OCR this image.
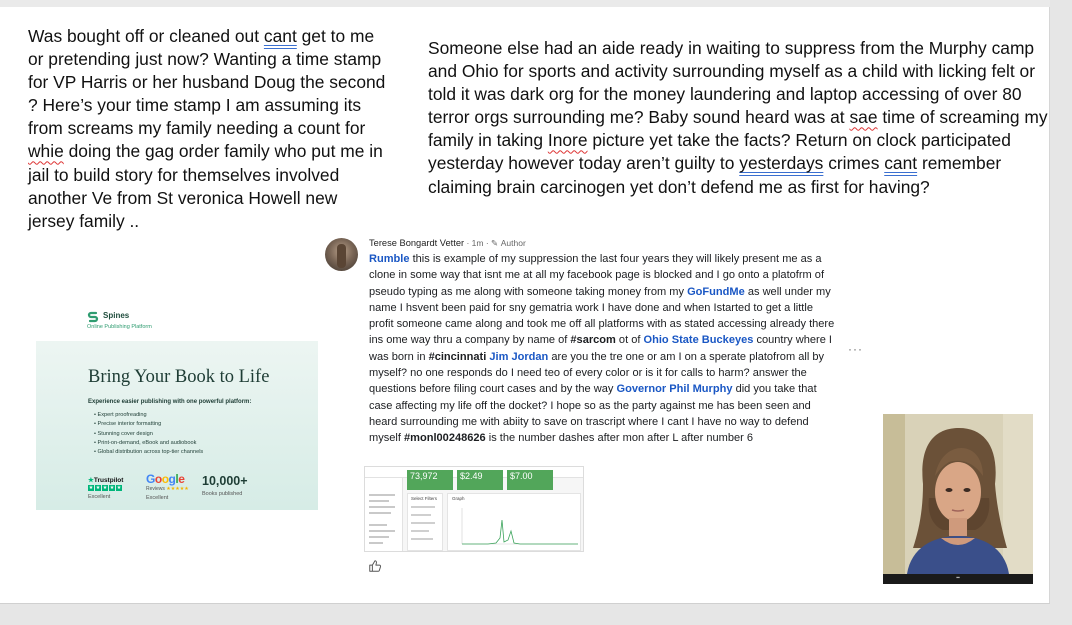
Was bought off or cleaned out cant get to me or pretending just now? Wanting a time stamp for VP Harris or her husband Doug the second ? Here’s your time stamp I am assuming its from screams my family needing a count for whie doing the gag order family who put me in jail to build story for themselves involved another Ve from St veronica Howell new jersey family ..

Someone else had an aide ready in waiting to suppress from the Murphy camp and Ohio for sports and activity surrounding myself as a child with licking felt or told it was dark org for the money laundering and laptop accessing of over 80 terror orgs surrounding me? Baby sound heard was at sae time of screaming my family in taking Inore picture yet take the facts? Return on clock participated yesterday however today aren’t guilty to yesterdays crimes cant remember claiming brain carcinogen yet don’t defend me as first for having?

Spines
Online Publishing Platform
Bring Your Book to Life
Experience easier publishing with one powerful platform:
• Expert proofreading
• Precise interior formatting
• Stunning cover design
• Print-on-demand, eBook and audiobook
• Global distribution across top-tier channels
★Trustpilot
★ ★ ★ ★ ★
Excellent
Google
Reviews ★★★★★
Excellent
10,000+
Books published
Terese Bongardt Vetter · 1m · ✎ Author

Rumble this is example of my suppression the last four years they will likely present me as a clone in some way that isnt me at all my facebook page is blocked and I go onto a platofrm of pseudo typing as me along with someone taking money from my GoFundMe as well under my name I hsvent been paid for sny gematria work I have done and when Istarted to get a little profit someone came along and took me off all platforms with as stated accessing already there ins ome way thru a company by name of #sarcom ot of Ohio State Buckeyes country where I was born in #cincinnati Jim Jordan are you the tre one or am I on a sperate platofrom all by myself? no one responds do I need teo of every color or is it for calls to harm? answer the questions before filing court cases and by the way Governor Phil Murphy did you take that case affecting my life off the docket? I hope so as the party against me has been seen and heard surrounding me with abiity to save on trascript where I cant I have no way to defend myself #monl00248626 is the number dashes after mon after L after number 6

···
73,972	$2.49	$7.00
Select Filters	Graph
▪▪
